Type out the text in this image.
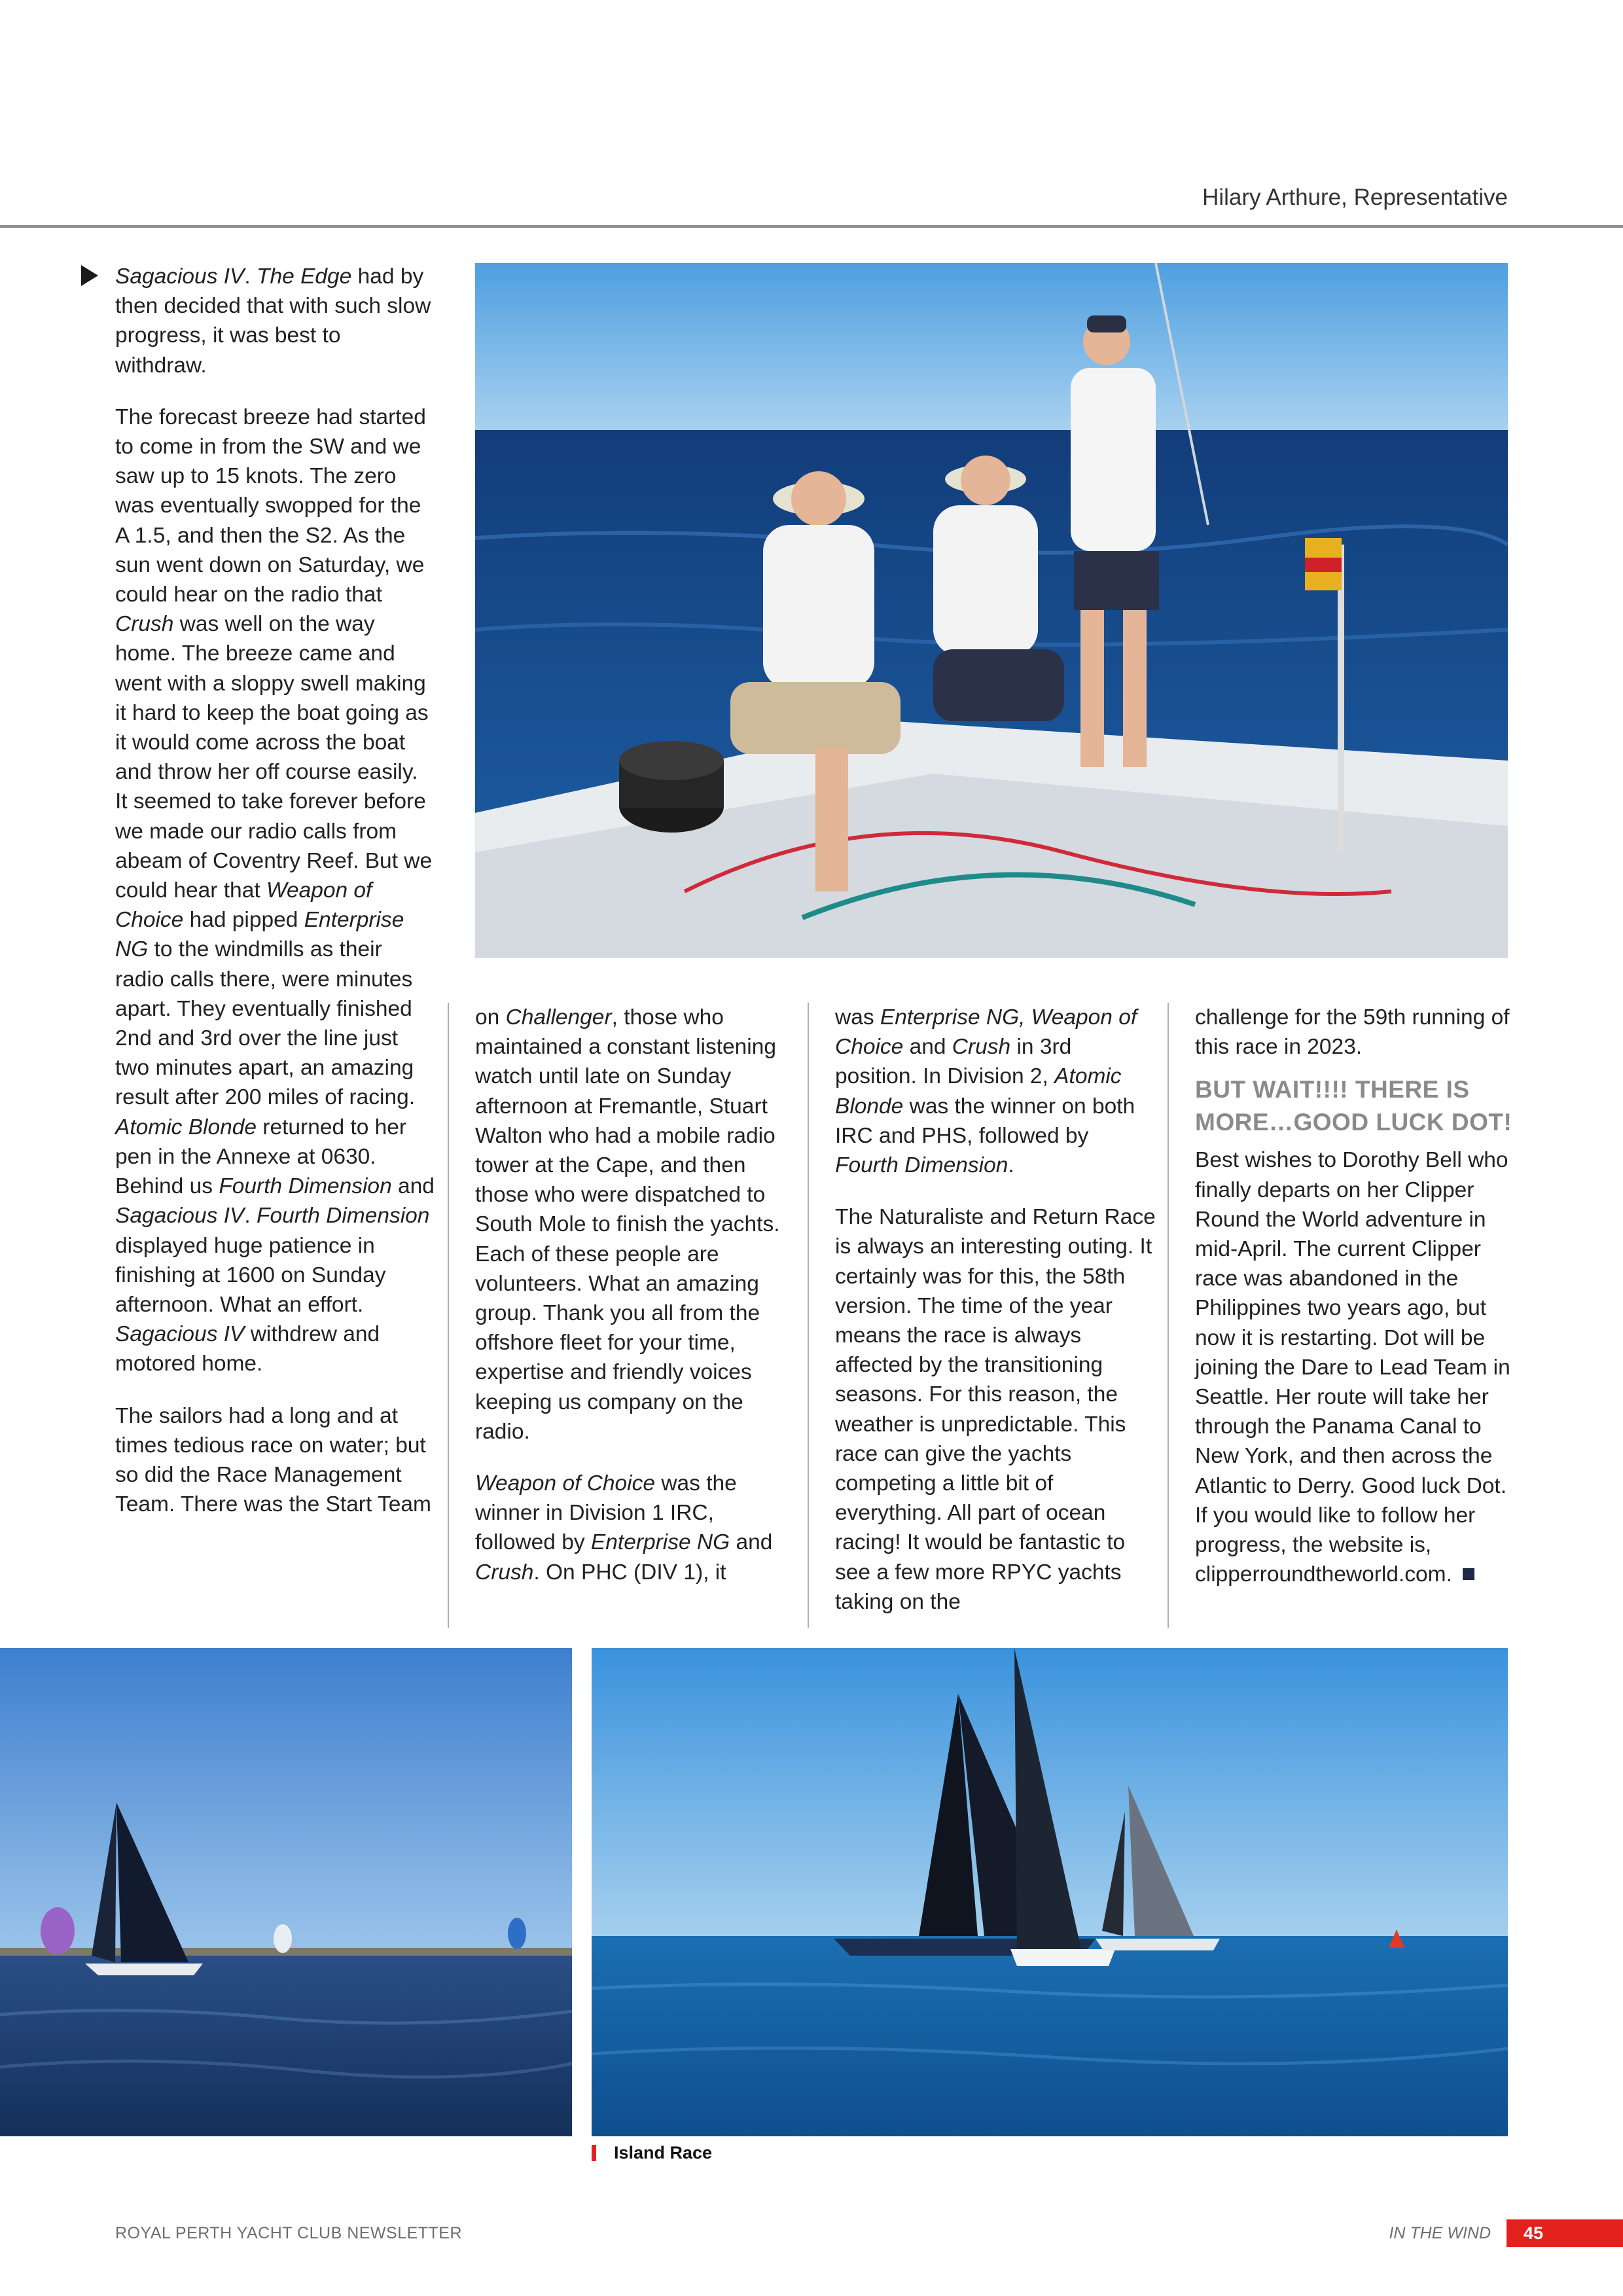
Hilary Arthure, Representative

Sagacious IV. The Edge had by then decided that with such slow progress, it was best to withdraw.

The forecast breeze had started to come in from the SW and we saw up to 15 knots. The zero was eventually swopped for the A 1.5, and then the S2. As the sun went down on Saturday, we could hear on the radio that Crush was well on the way home. The breeze came and went with a sloppy swell making it hard to keep the boat going as it would come across the boat and throw her off course easily. It seemed to take forever before we made our radio calls from abeam of Coventry Reef. But we could hear that Weapon of Choice had pipped Enterprise NG to the windmills as their radio calls there, were minutes apart. They eventually finished 2nd and 3rd over the line just two minutes apart, an amazing result after 200 miles of racing. Atomic Blonde returned to her pen in the Annexe at 0630. Behind us Fourth Dimension and Sagacious IV. Fourth Dimension displayed huge patience in finishing at 1600 on Sunday afternoon. What an effort. Sagacious IV withdrew and motored home.

The sailors had a long and at times tedious race on water; but so did the Race Management Team. There was the Start Team

on Challenger, those who maintained a constant listening watch until late on Sunday afternoon at Fremantle, Stuart Walton who had a mobile radio tower at the Cape, and then those who were dispatched to South Mole to finish the yachts. Each of these people are volunteers. What an amazing group. Thank you all from the offshore fleet for your time, expertise and friendly voices keeping us company on the radio.

Weapon of Choice was the winner in Division 1 IRC, followed by Enterprise NG and Crush. On PHC (DIV 1), it

was Enterprise NG, Weapon of Choice and Crush in 3rd position. In Division 2, Atomic Blonde was the winner on both IRC and PHS, followed by Fourth Dimension.

The Naturaliste and Return Race is always an interesting outing. It certainly was for this, the 58th version. The time of the year means the race is always affected by the transitioning seasons. For this reason, the weather is unpredictable. This race can give the yachts competing a little bit of everything. All part of ocean racing! It would be fantastic to see a few more RPYC yachts taking on the

challenge for the 59th running of this race in 2023.

BUT WAIT!!!! THERE IS MORE…GOOD LUCK DOT!

Best wishes to Dorothy Bell who finally departs on her Clipper Round the World adventure in mid-April. The current Clipper race was abandoned in the Philippines two years ago, but now it is restarting. Dot will be joining the Dare to Lead Team in Seattle. Her route will take her through the Panama Canal to New York, and then across the Atlantic to Derry. Good luck Dot. If you would like to follow her progress, the website is, clipperroundtheworld.com.

Island Race
ROYAL PERTH YACHT CLUB NEWSLETTER	IN THE WIND	45
